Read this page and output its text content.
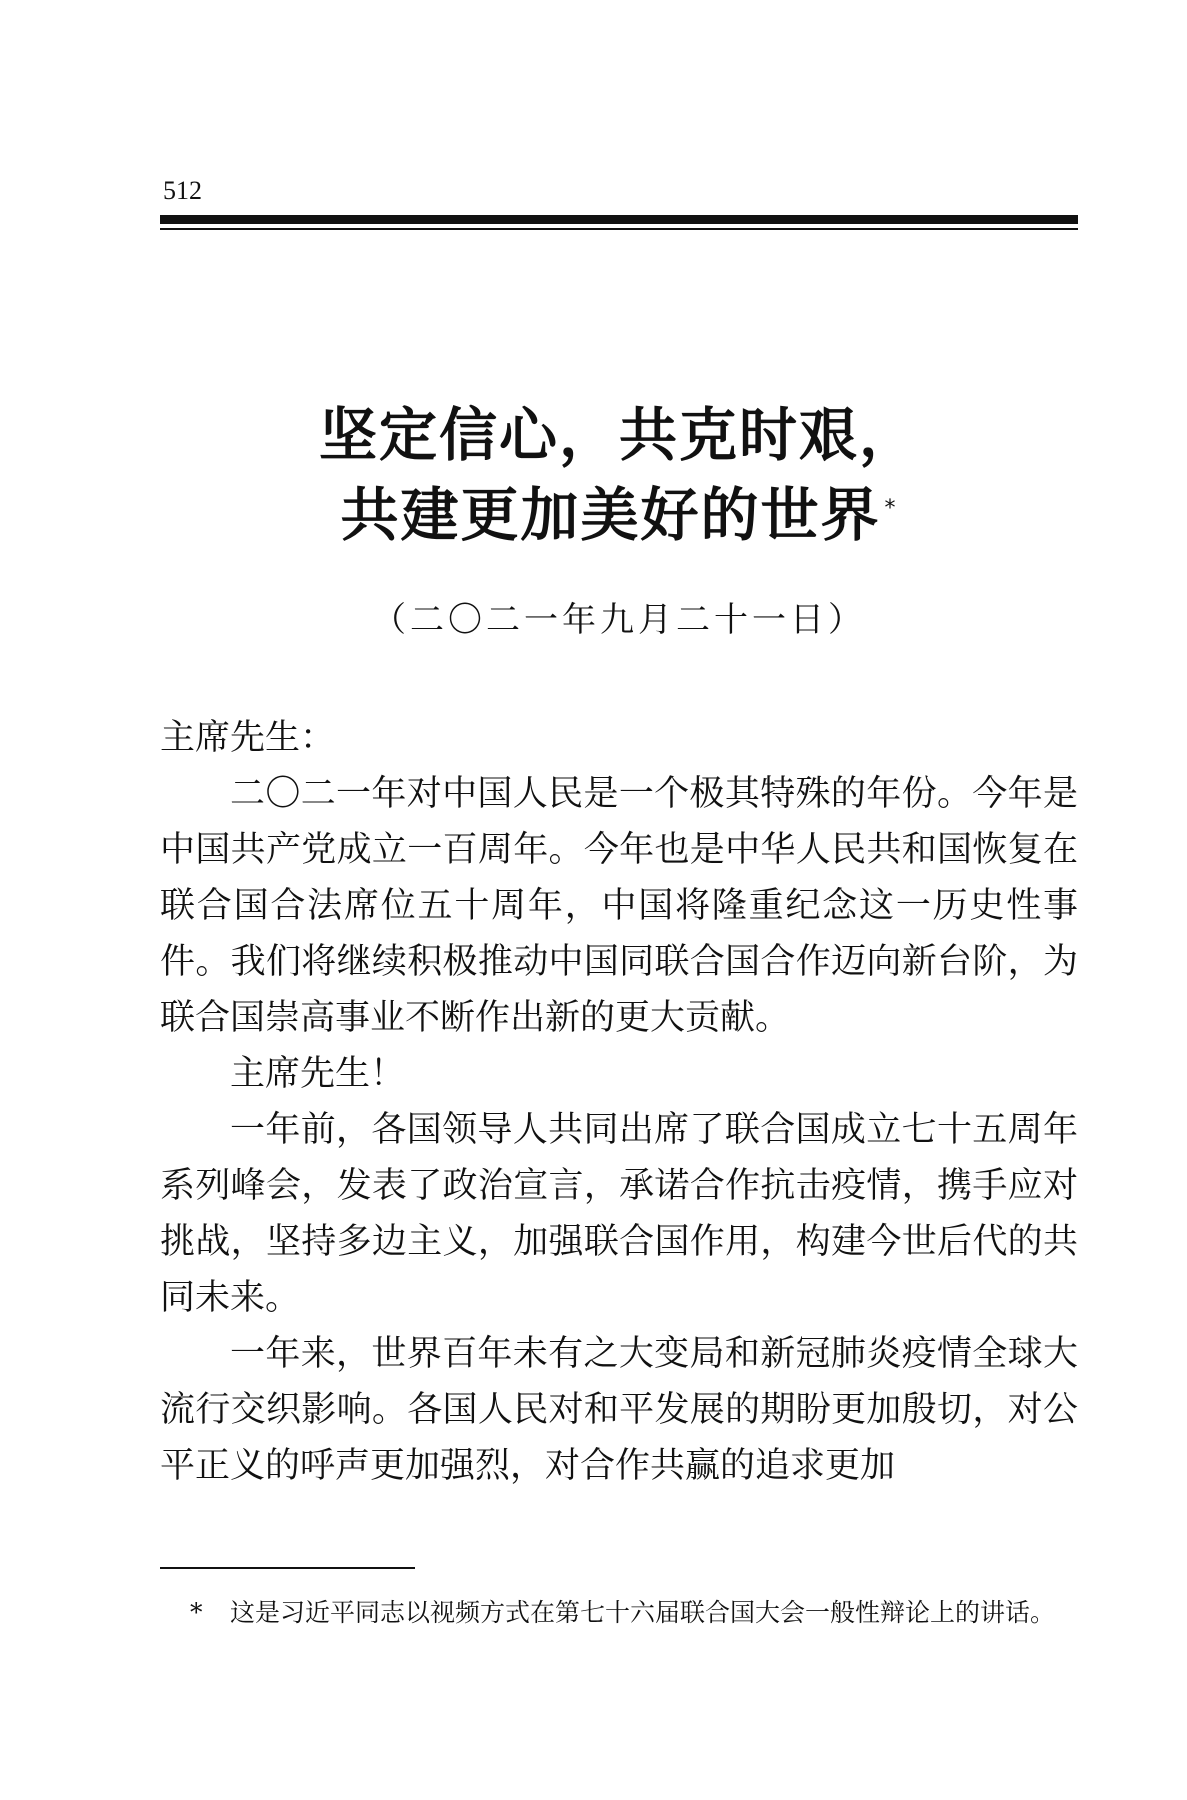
512
坚定信心，共克时艰，
共建更加美好的世界 *
（二〇二一年九月二十一日）

主席先生：

二〇二一年对中国人民是一个极其特殊的年份。今年是中国共产党成立一百周年。今年也是中华人民共和国恢复在联合国合法席位五十周年，中国将隆重纪念这一历史性事件。我们将继续积极推动中国同联合国合作迈向新台阶，为联合国崇高事业不断作出新的更大贡献。

主席先生！

一年前，各国领导人共同出席了联合国成立七十五周年系列峰会，发表了政治宣言，承诺合作抗击疫情，携手应对挑战，坚持多边主义，加强联合国作用，构建今世后代的共同未来。

一年来，世界百年未有之大变局和新冠肺炎疫情全球大流行交织影响。各国人民对和平发展的期盼更加殷切，对公平正义的呼声更加强烈，对合作共赢的追求更加

* 这是习近平同志以视频方式在第七十六届联合国大会一般性辩论上的讲话。
